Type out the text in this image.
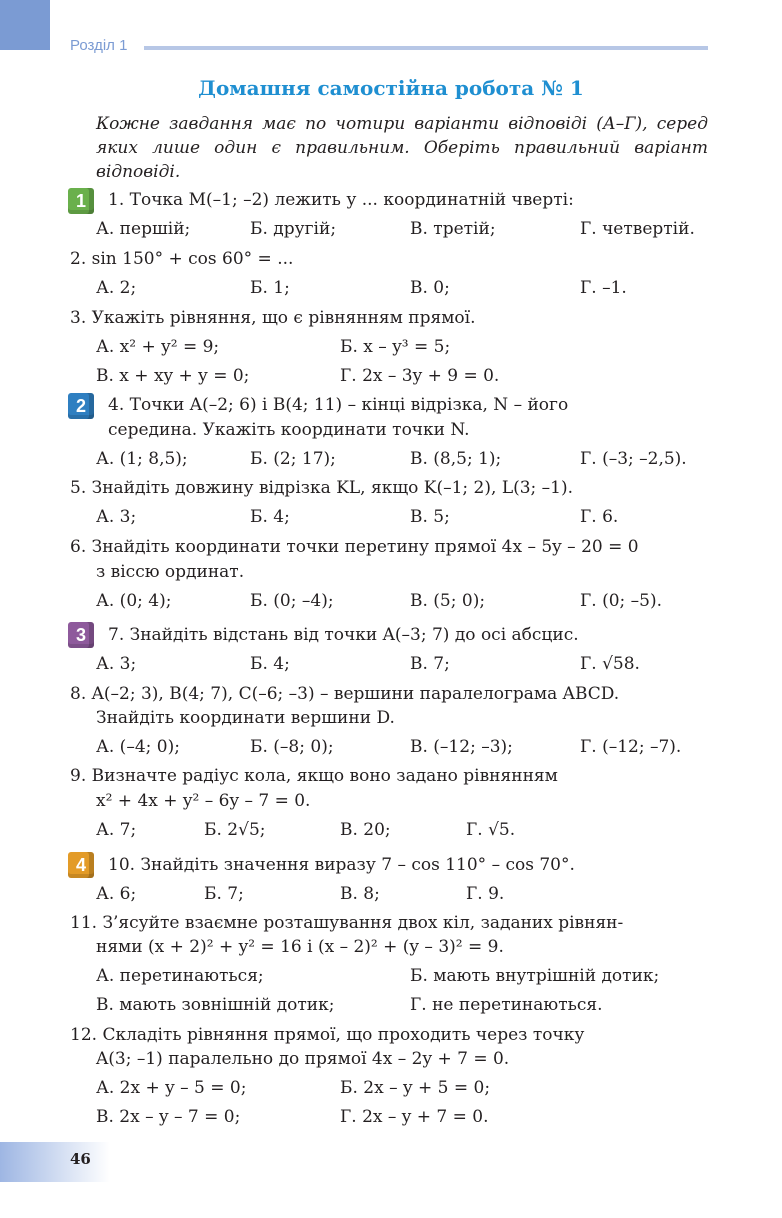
Розділ 1
Домашня самостійна робота № 1
Кожне завдання має по чотири варіанти відповіді (А–Г), серед яких лише один є правильним. Оберіть правильний варіант відповіді.
1
2
3
4
1. Точка M(–1; –2) лежить у ... координатній чверті:
А. першій;	Б. другій;	В. третій;	Г. четвертій.
2. sin 150° + cos 60° = ...
А. 2;	Б. 1;	В. 0;	Г. –1.
3. Укажіть рівняння, що є рівнянням прямої.
А. x² + y² = 9;	Б. x – y³ = 5;
В. x + xy + y = 0;	Г. 2x – 3y + 9 = 0.
4. Точки A(–2; 6) і B(4; 11) – кінці відрізка, N – його
середина. Укажіть координати точки N.
А. (1; 8,5);	Б. (2; 17);	В. (8,5; 1);	Г. (–3; –2,5).
5. Знайдіть довжину відрізка KL, якщо K(–1; 2), L(3; –1).
А. 3;	Б. 4;	В. 5;	Г. 6.
6. Знайдіть координати точки перетину прямої 4x – 5y – 20 = 0
з віссю ординат.
А. (0; 4);	Б. (0; –4);	В. (5; 0);	Г. (0; –5).
7. Знайдіть відстань від точки A(–3; 7) до осі абсцис.
А. 3;	Б. 4;	В. 7;	Г. √58.
8. A(–2; 3), B(4; 7), C(–6; –3) – вершини паралелограма ABCD.
Знайдіть координати вершини D.
А. (–4; 0);	Б. (–8; 0);	В. (–12; –3);	Г. (–12; –7).
9. Визначте радіус кола, якщо воно задано рівнянням
x² + 4x + y² – 6y – 7 = 0.
А. 7;	Б. 2√5;	В. 20;	Г. √5.
10. Знайдіть значення виразу 7 – cos 110° – cos 70°.
А. 6;	Б. 7;	В. 8;	Г. 9.
11. З’ясуйте взаємне розташування двох кіл, заданих рівнян-
нями (x + 2)² + y² = 16 і (x – 2)² + (y – 3)² = 9.
А. перетинаються;	Б. мають внутрішній дотик;
В. мають зовнішній дотик;	Г. не перетинаються.
12. Складіть рівняння прямої, що проходить через точку
A(3; –1) паралельно до прямої 4x – 2y + 7 = 0.
А. 2x + y – 5 = 0;	Б. 2x – y + 5 = 0;
В. 2x – y – 7 = 0;	Г. 2x – y + 7 = 0.
46
